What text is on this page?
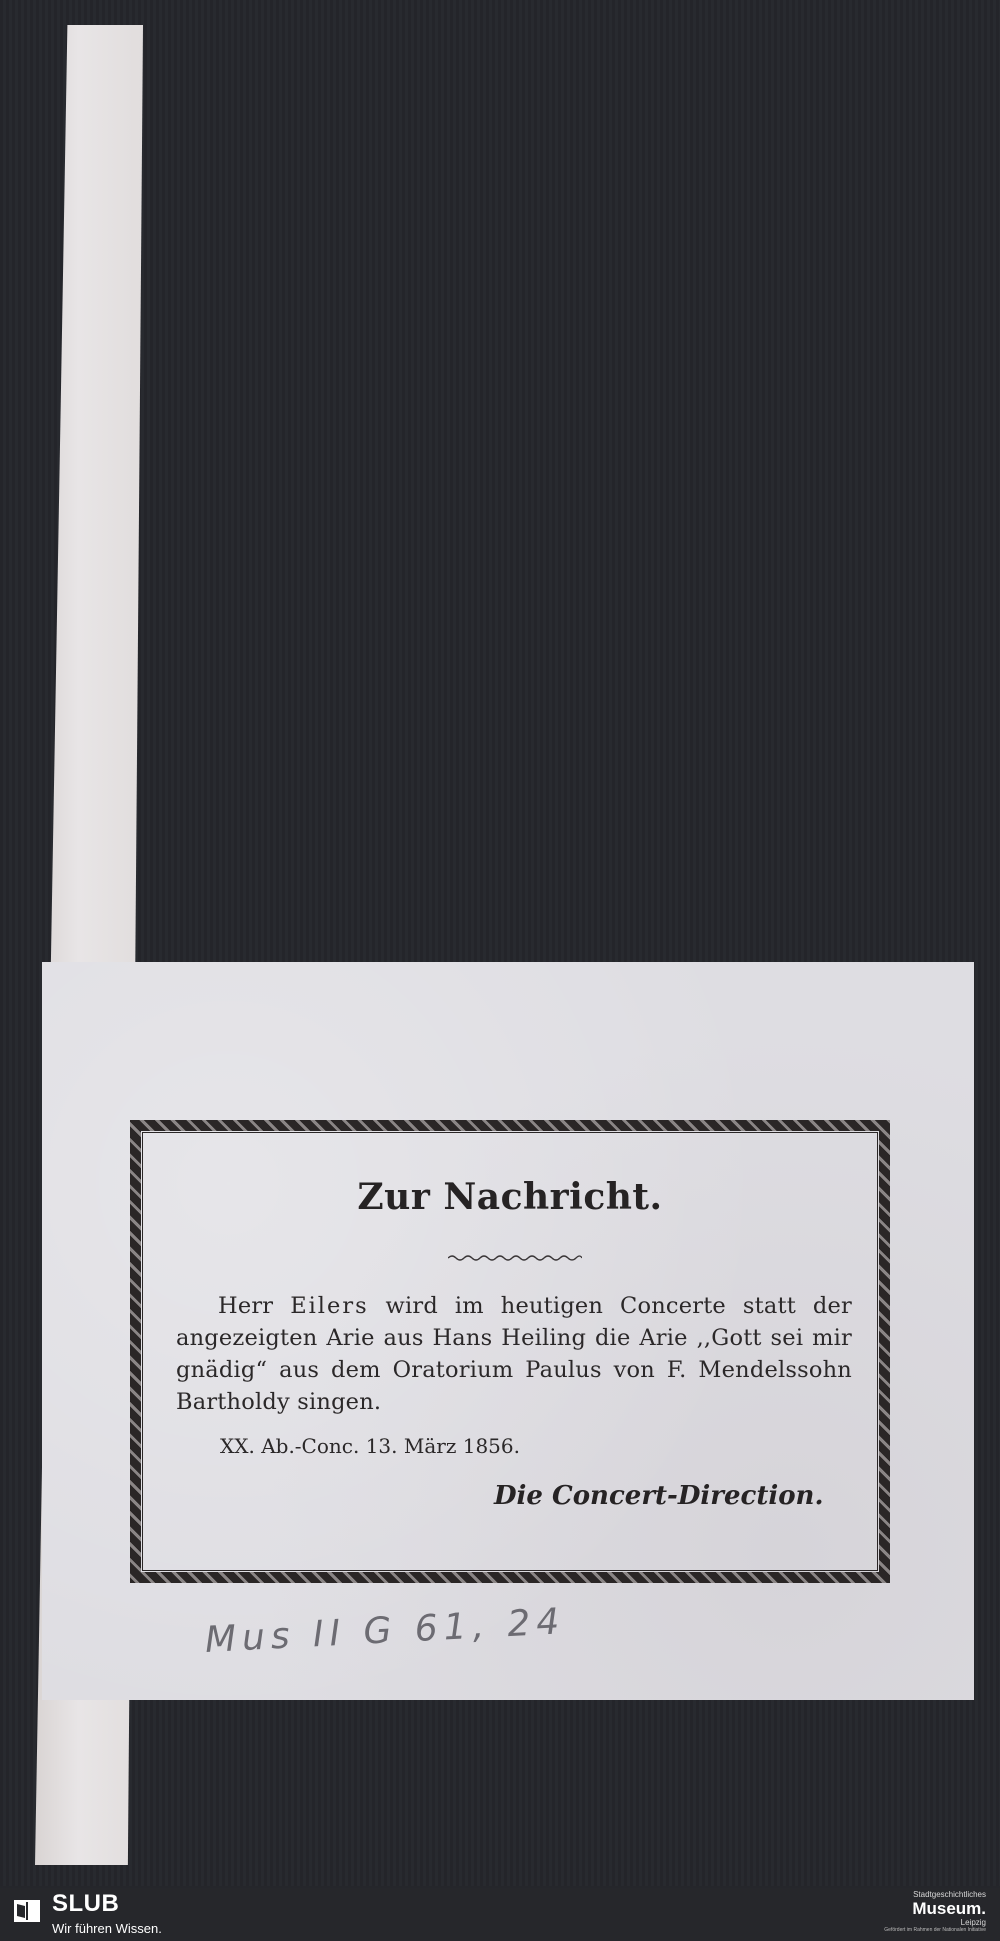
Zur Nachricht.

Herr Eilers wird im heutigen Concerte statt der angezeigten Arie aus Hans Heiling die Arie ,,Gott sei mir gnädig“ aus dem Oratorium Paulus von F. Mendelssohn Bartholdy singen.

XX. Ab.-Conc. 13. März 1856.

Die Concert-Direction.

Mus II G 61, 24

SLUB

Wir führen Wissen.

Stadtgeschichtliches
Museum.
Leipzig
Gefördert im Rahmen der Nationalen Initiative
